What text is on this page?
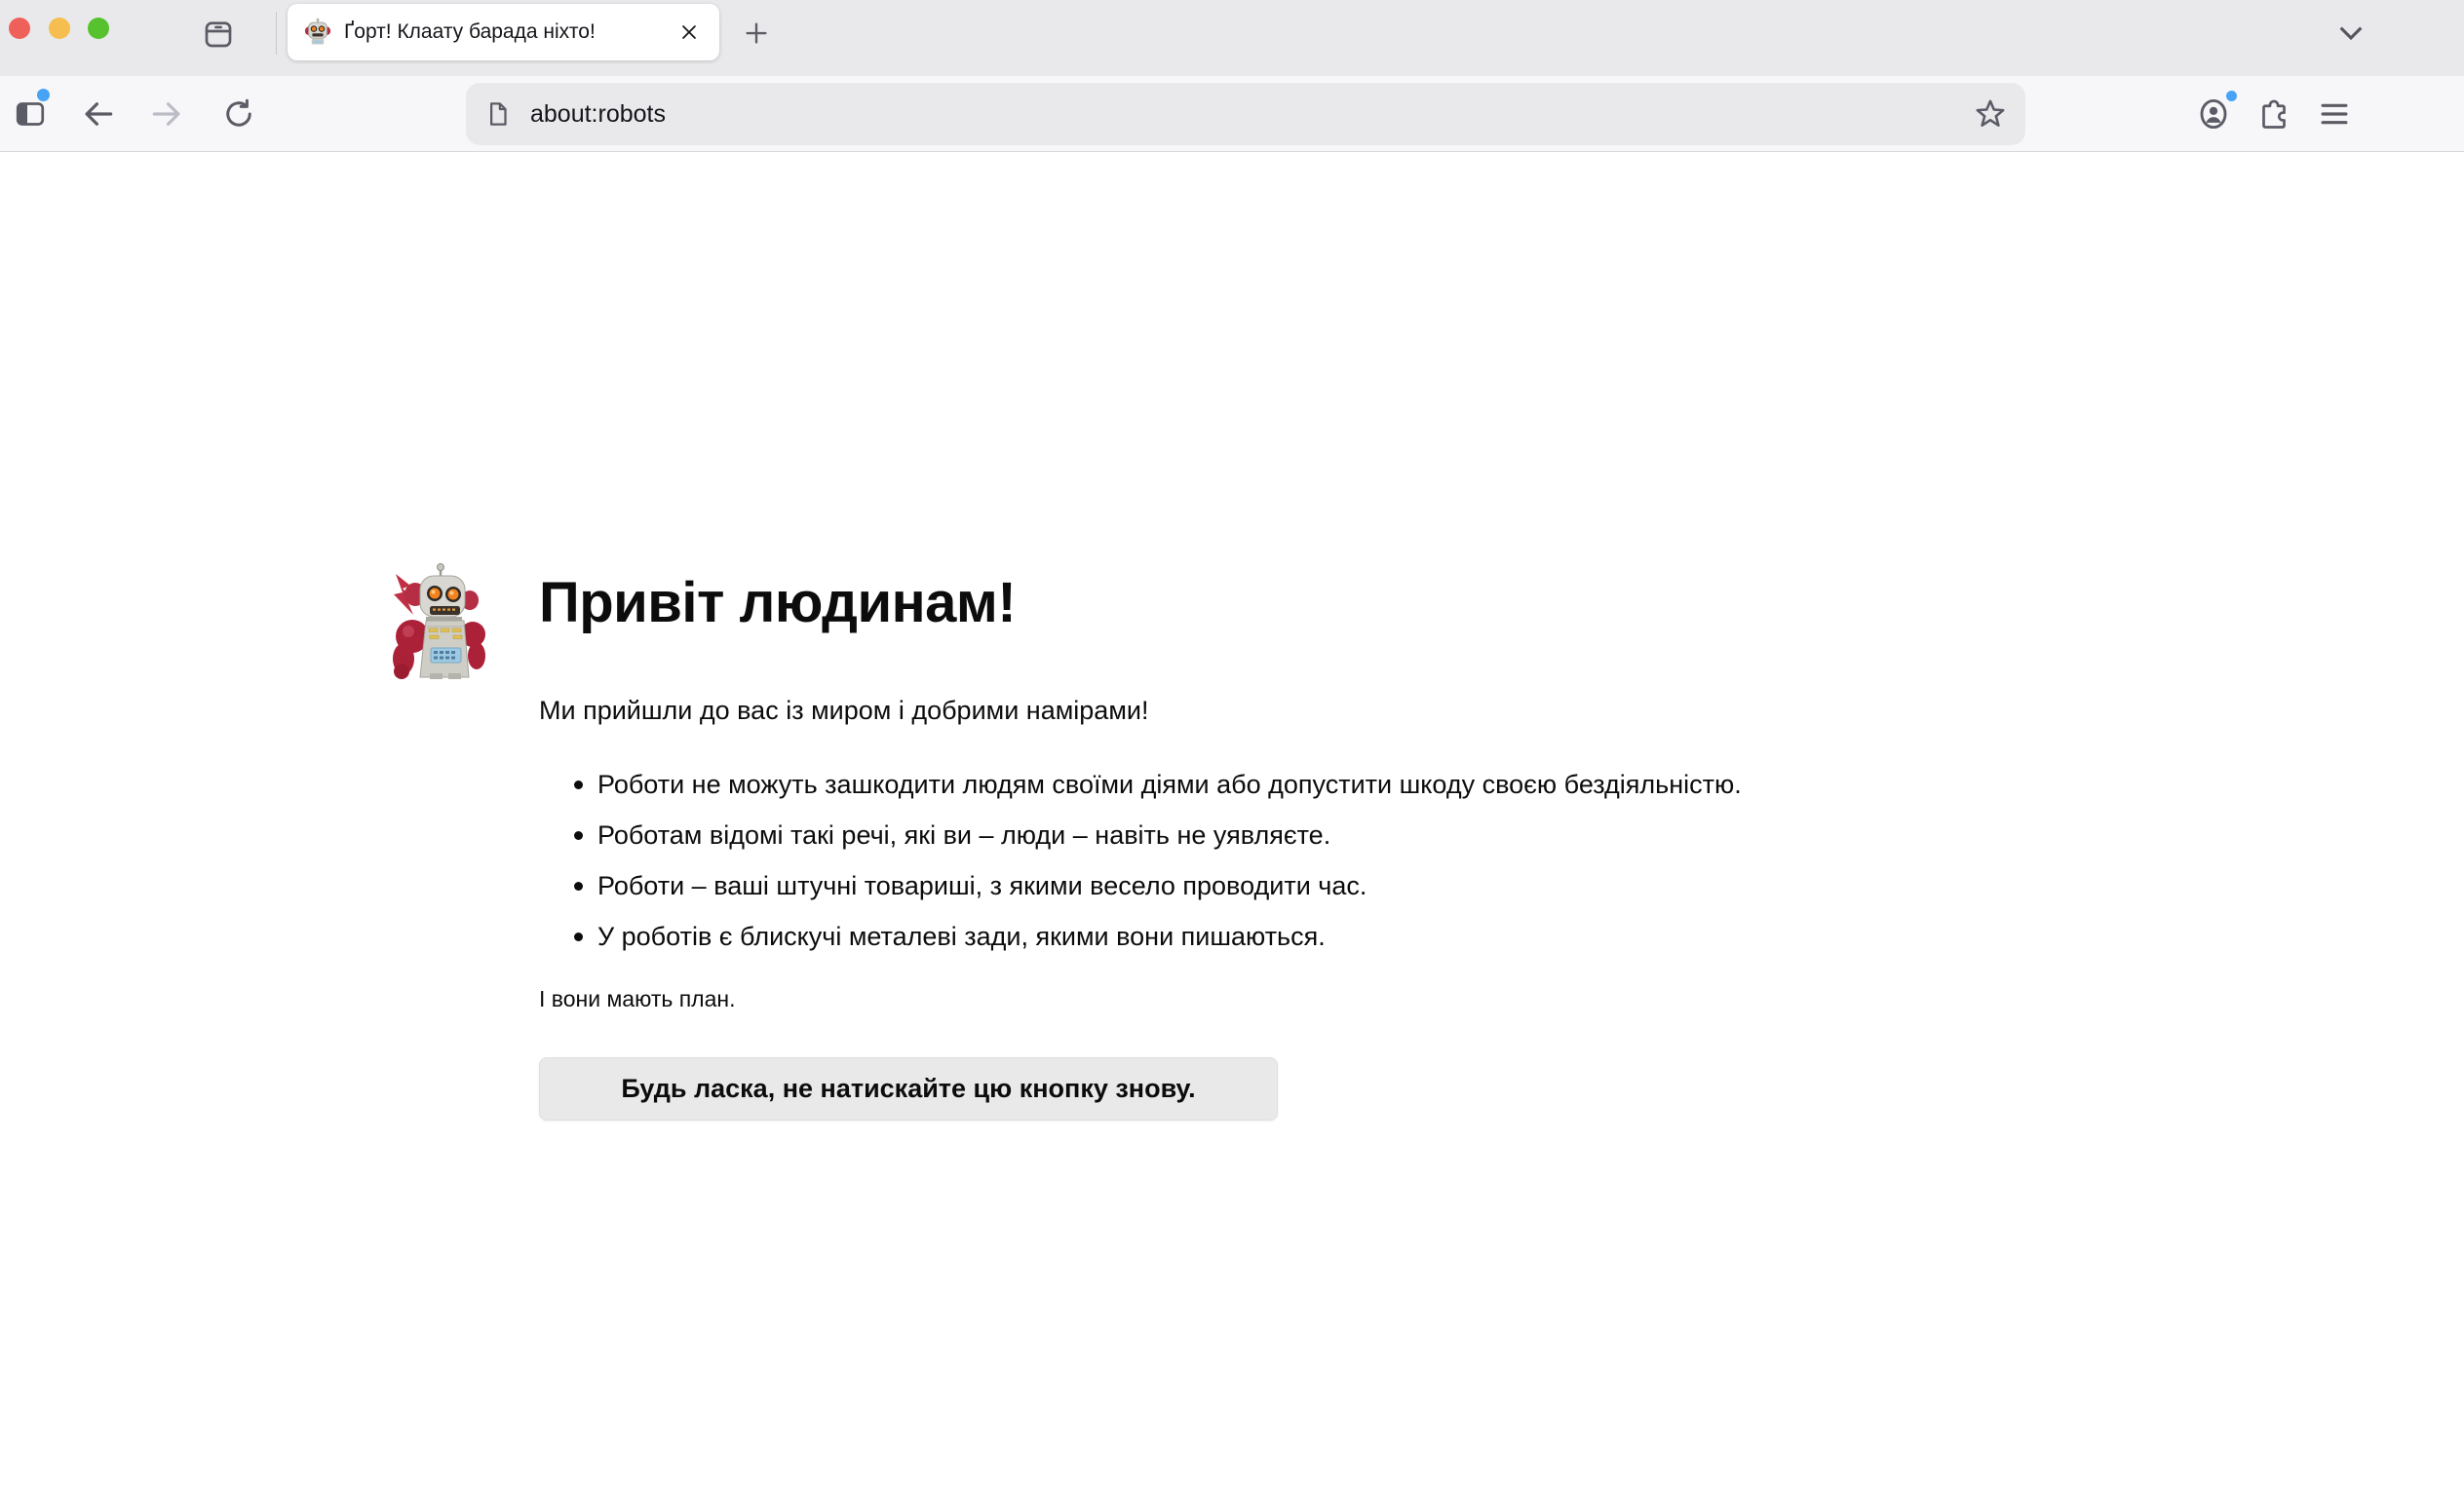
Ґорт! Клаату барада ніхто!
about:robots
Привіт людинам!

Ми прийшли до вас із миром і добрими намірами!

Роботи не можуть зашкодити людям своїми діями або допустити шкоду своєю бездіяльністю.
Роботам відомі такі речі, які ви – люди – навіть не уявляєте.
Роботи – ваші штучні товариші, з якими весело проводити час.
У роботів є блискучі металеві зади, якими вони пишаються.

І вони мають план.

Будь ласка, не натискайте цю кнопку знову.
